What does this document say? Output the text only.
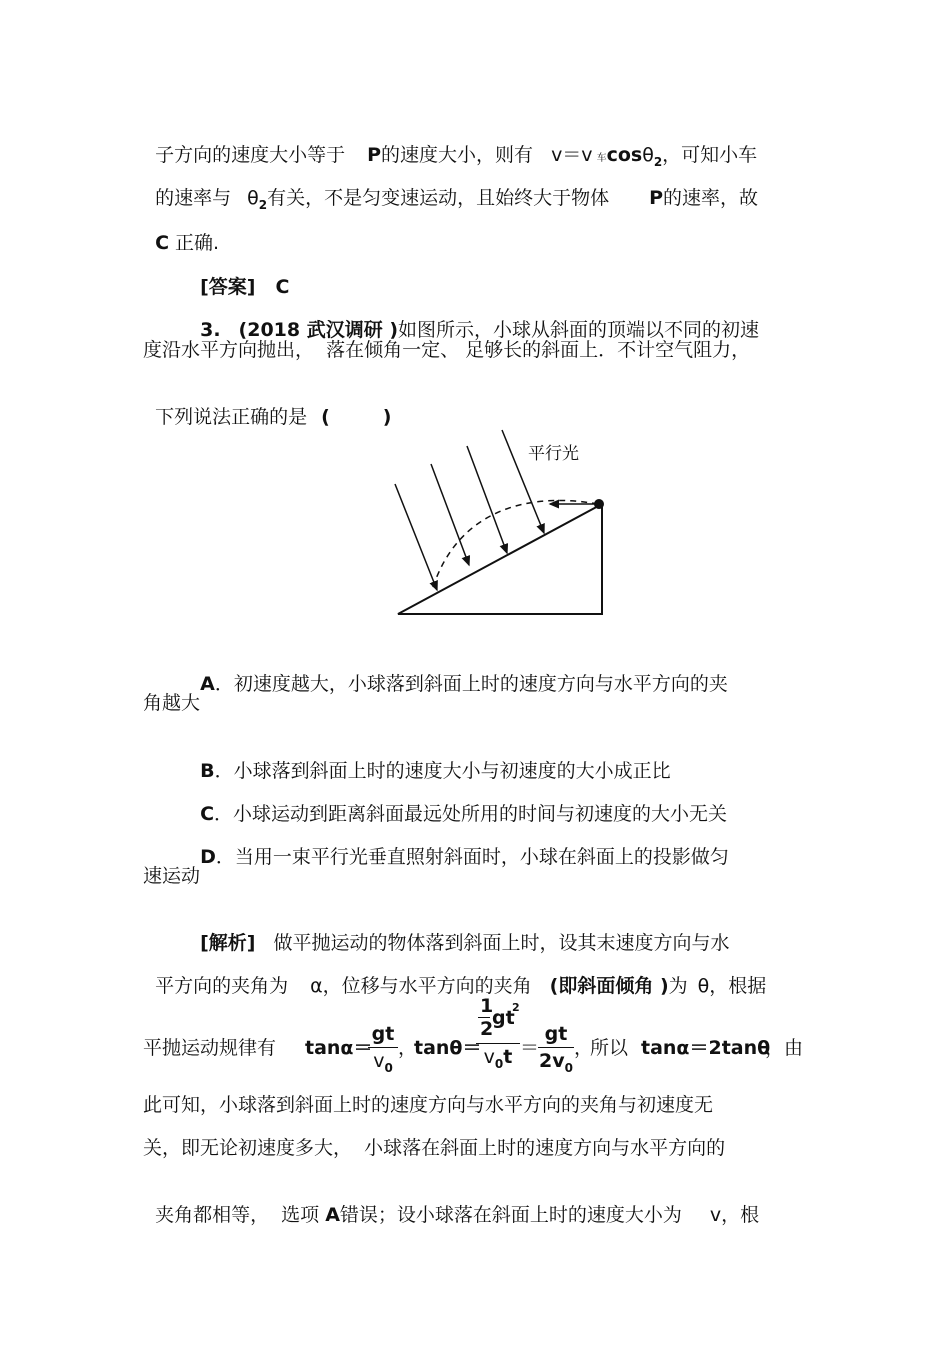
子方向的速度大小等于 P的速度大小，则有 v＝v 车cosθ$_2$，可知小车

的速率与 $\theta_2$有关，不是匀变速运动，且始终大于物体 P的速率，故

C 正确.

[答案] C

3. (2018 武汉调研 )如图所示，小球从斜面的顶端以不同的初速

度沿水平方向抛出，  落在倾角一定、 足够长的斜面上．不计空气阻力，

下列说法正确的是 (        )

平行光

A．初速度越大，小球落到斜面上时的速度方向与水平方向的夹

角越大

B．小球落到斜面上时的速度大小与初速度的大小成正比

C．小球运动到距离斜面最远处所用的时间与初速度的大小无关

D．当用一束平行光垂直照射斜面时，小球在斜面上的投影做匀

速运动

[解析] 做平抛运动的物体落到斜面上时，设其末速度方向与水

平方向的夹角为 α，位移与水平方向的夹角 (即斜面倾角 )为 θ，根据

平抛运动规律有 tanα＝
gt
$v_0$
，
tanθ＝
1
2
gt
2
$v_0t$ ＝
gt
$2v_0$
，
所以 tanα＝2tanθ
，由
此可知，小球落到斜面上时的速度方向与水平方向的夹角与初速度无
关，即无论初速度多大，  小球落在斜面上时的速度方向与水平方向的

夹角都相等，  选项 A错误；设小球落在斜面上时的速度大小为 v，根
